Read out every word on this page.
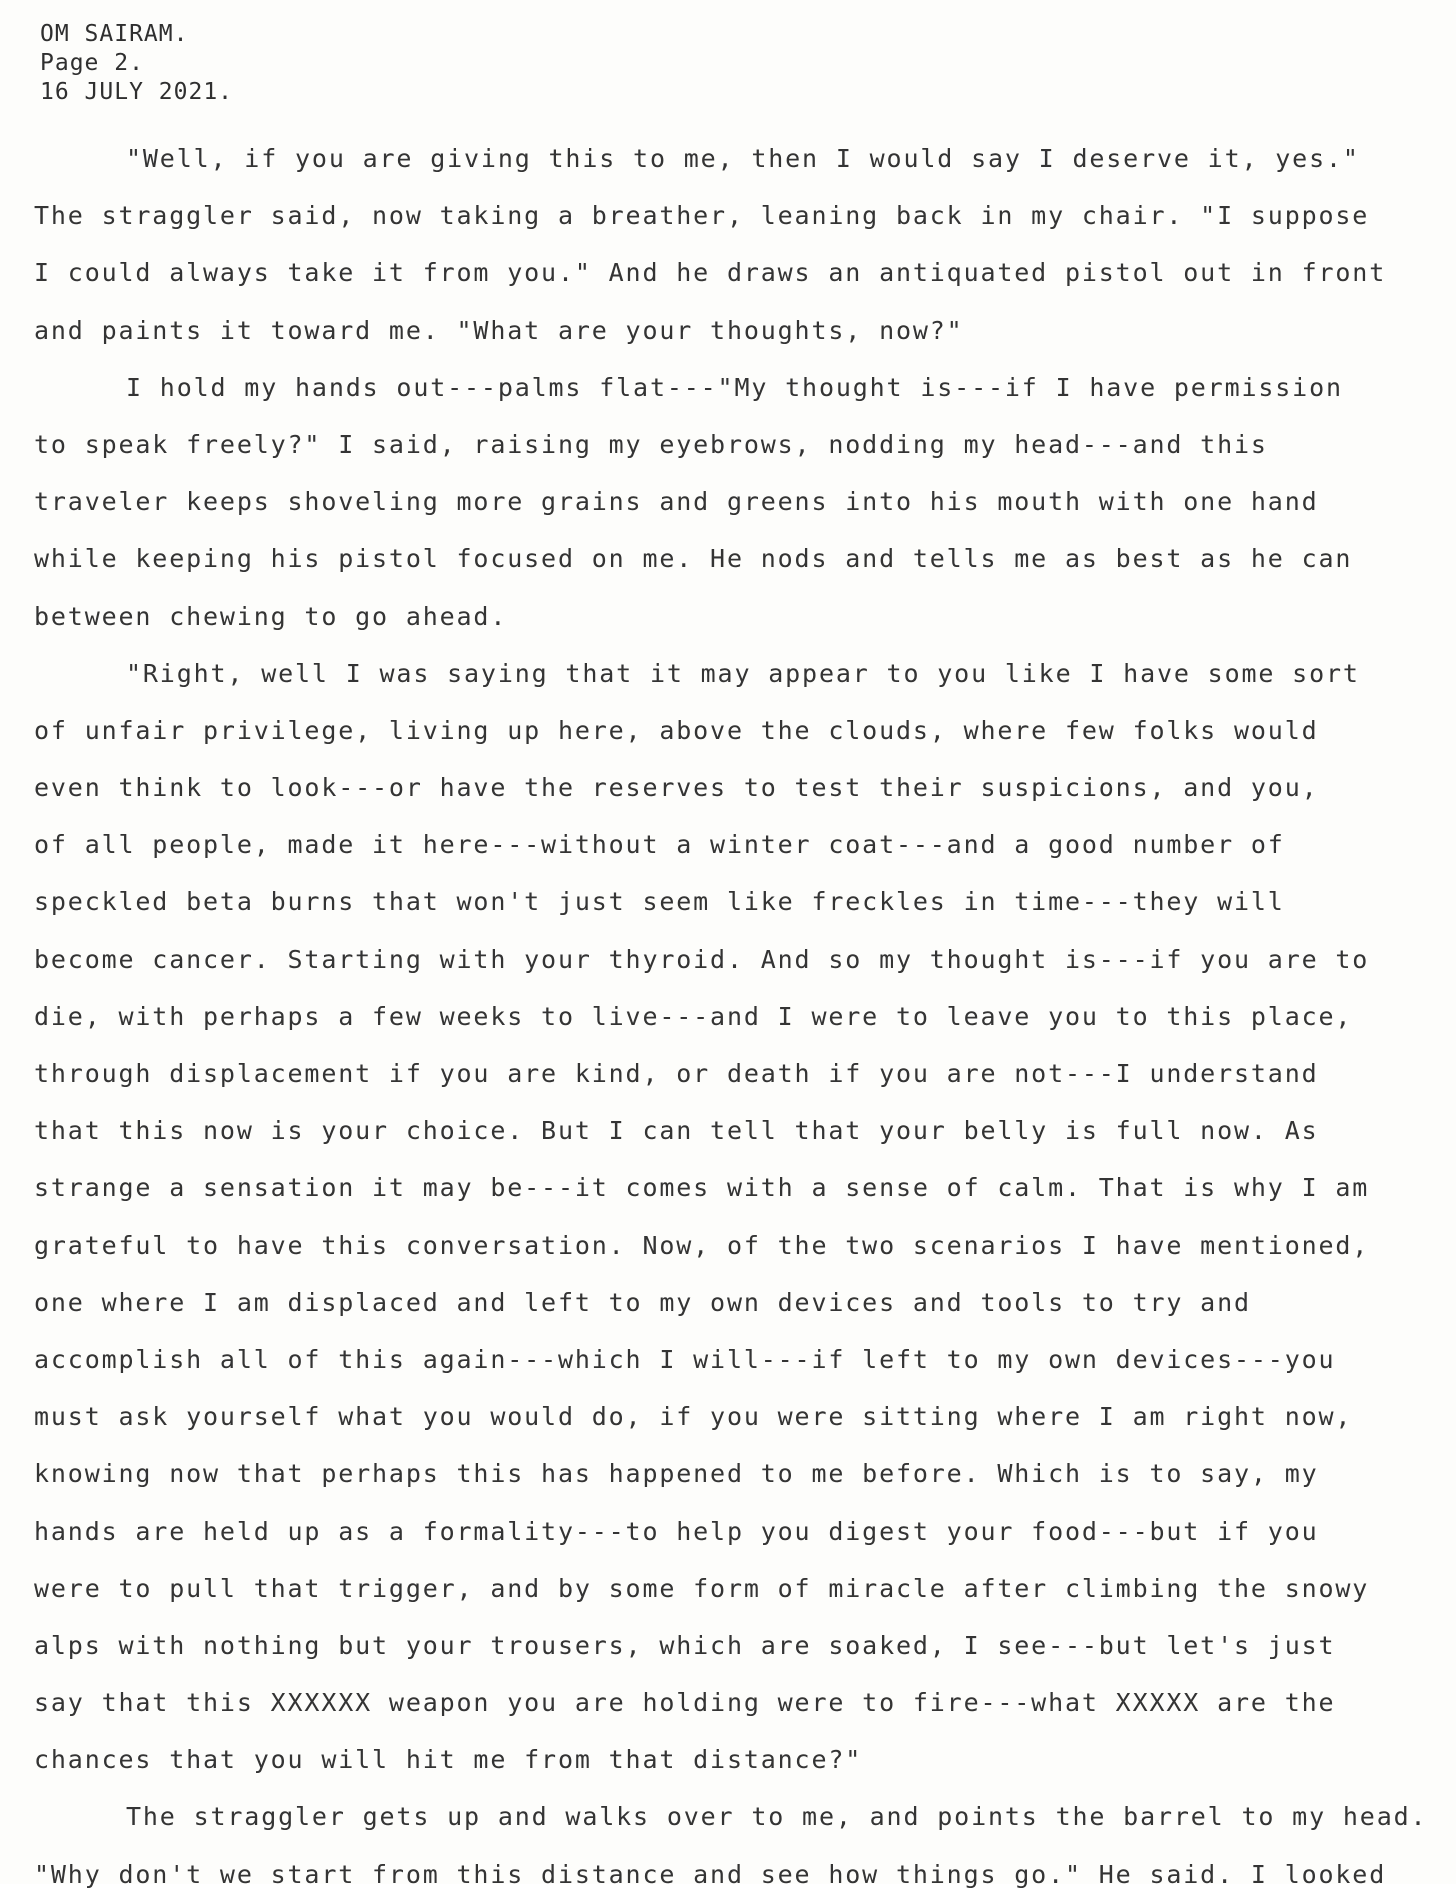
OM SAIRAM.
Page 2.
16 JULY 2021.
"Well, if you are giving this to me, then I would say I deserve it, yes."
The straggler said, now taking a breather, leaning back in my chair. "I suppose
I could always take it from you." And he draws an antiquated pistol out in front
and paints it toward me. "What are your thoughts, now?"
I hold my hands out---palms flat---"My thought is---if I have permission
to speak freely?" I said, raising my eyebrows, nodding my head---and this
traveler keeps shoveling more grains and greens into his mouth with one hand
while keeping his pistol focused on me. He nods and tells me as best as he can
between chewing to go ahead.
"Right, well I was saying that it may appear to you like I have some sort
of unfair privilege, living up here, above the clouds, where few folks would
even think to look---or have the reserves to test their suspicions, and you,
of all people, made it here---without a winter coat---and a good number of
speckled beta burns that won't just seem like freckles in time---they will
become cancer. Starting with your thyroid. And so my thought is---if you are to
die, with perhaps a few weeks to live---and I were to leave you to this place,
through displacement if you are kind, or death if you are not---I understand
that this now is your choice. But I can tell that your belly is full now. As
strange a sensation it may be---it comes with a sense of calm. That is why I am
grateful to have this conversation. Now, of the two scenarios I have mentioned,
one where I am displaced and left to my own devices and tools to try and
accomplish all of this again---which I will---if left to my own devices---you
must ask yourself what you would do, if you were sitting where I am right now,
knowing now that perhaps this has happened to me before. Which is to say, my
hands are held up as a formality---to help you digest your food---but if you
were to pull that trigger, and by some form of miracle after climbing the snowy
alps with nothing but your trousers, which are soaked, I see---but let's just
say that this XXXXXX weapon you are holding were to fire---what XXXXX are the
chances that you will hit me from that distance?"
The straggler gets up and walks over to me, and points the barrel to my head.
"Why don't we start from this distance and see how things go." He said. I looked
